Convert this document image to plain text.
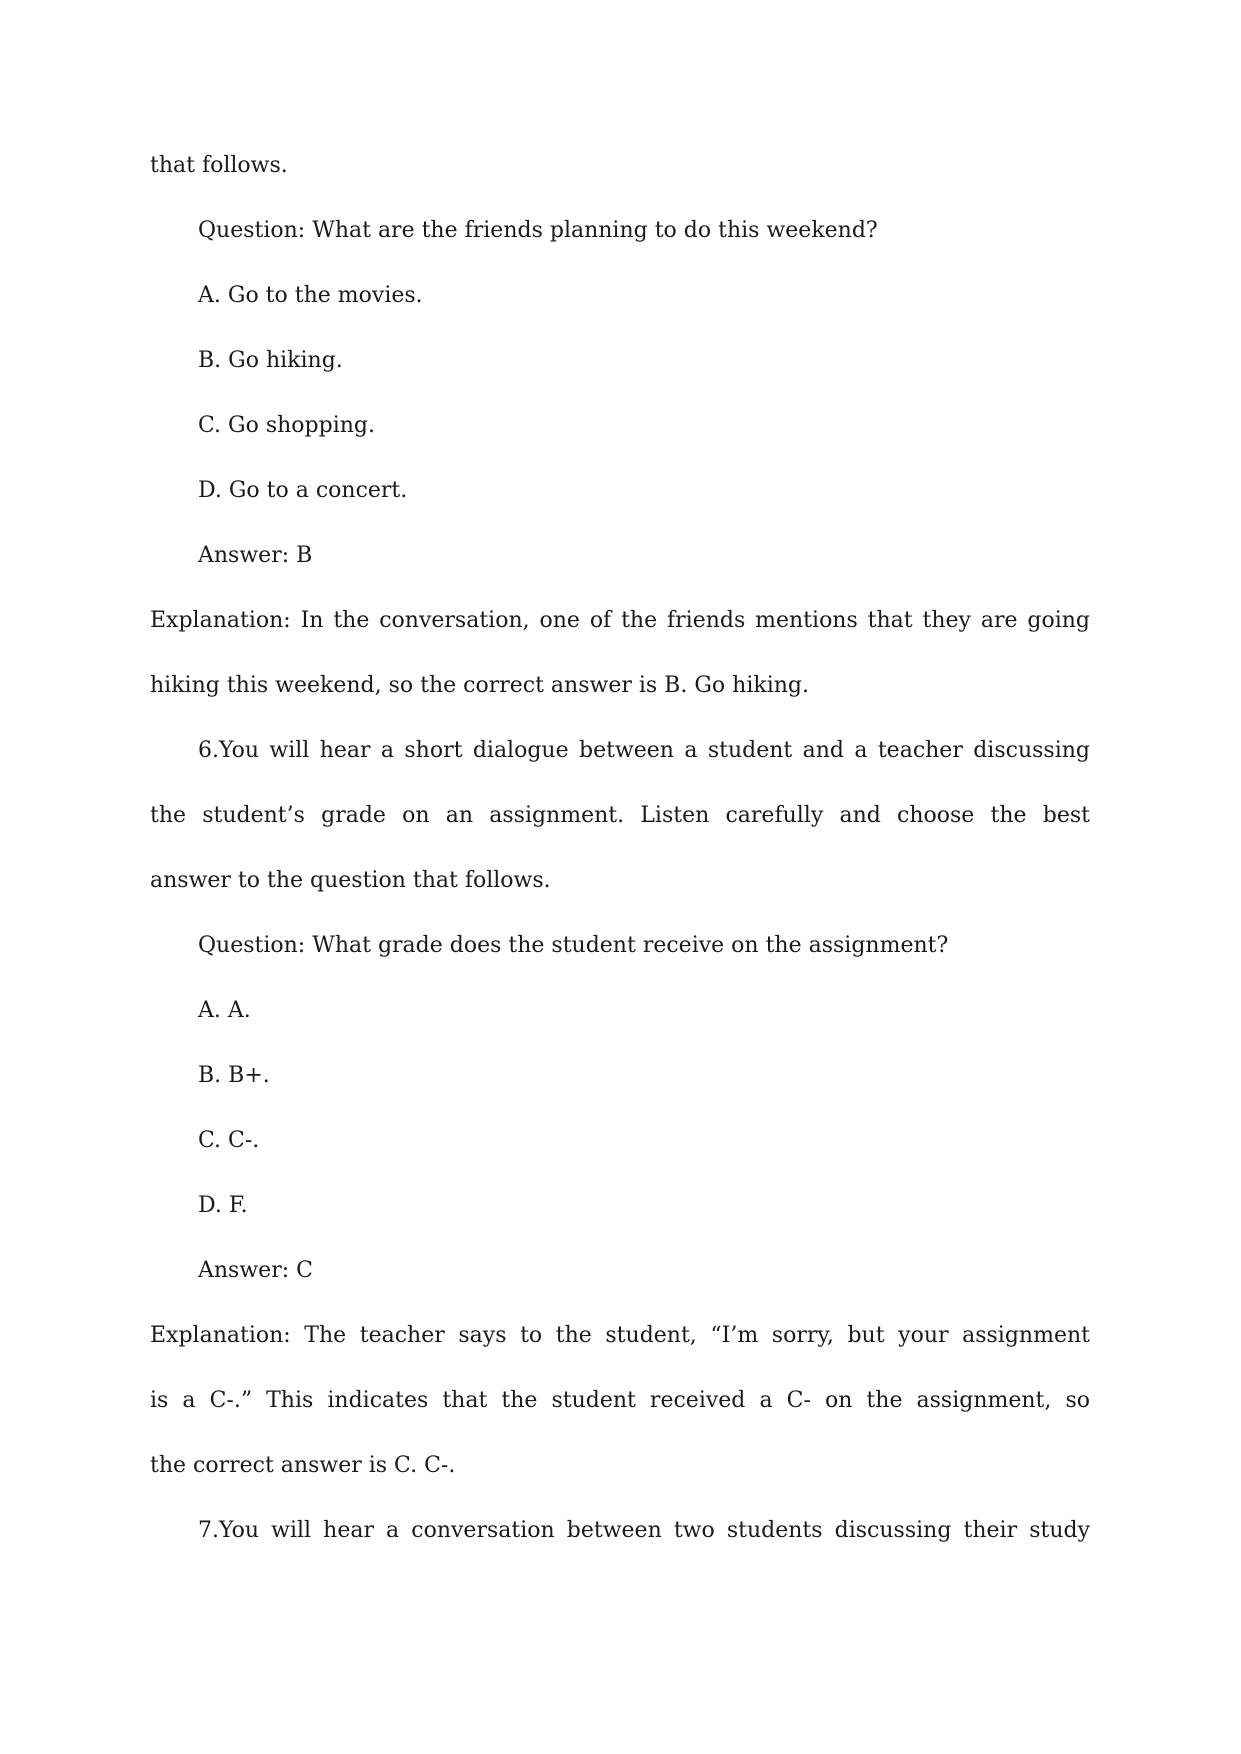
that follows.
Question: What are the friends planning to do this weekend?
A. Go to the movies.
B. Go hiking.
C. Go shopping.
D. Go to a concert.
Answer: B
Explanation: In the conversation, one of the friends mentions that they are going
hiking this weekend, so the correct answer is B. Go hiking.
6.You will hear a short dialogue between a student and a teacher discussing
the student’s grade on an assignment. Listen carefully and choose the best
answer to the question that follows.
Question: What grade does the student receive on the assignment?
A. A.
B. B+.
C. C-.
D. F.
Answer: C
Explanation: The teacher says to the student, “I’m sorry, but your assignment
is a C-.” This indicates that the student received a C- on the assignment, so
the correct answer is C. C-.
7.You will hear a conversation between two students discussing their study
